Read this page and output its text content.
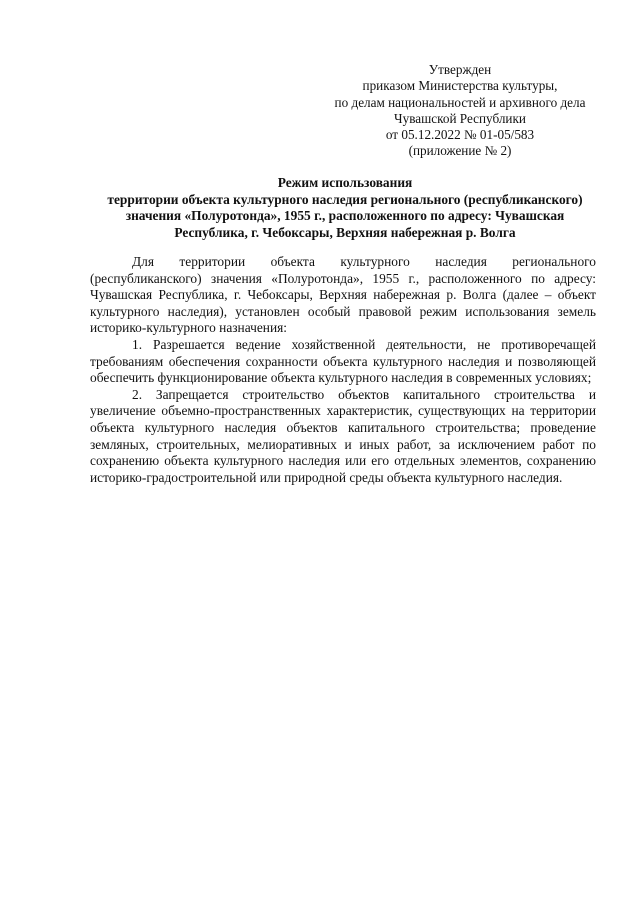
Утвержден
приказом Министерства культуры,
по делам национальностей и архивного дела
Чувашской Республики
от 05.12.2022 № 01-05/583
(приложение № 2)
Режим использования
территории объекта культурного наследия регионального (республиканского)
значения «Полуротонда», 1955 г., расположенного по адресу: Чувашская
Республика, г. Чебоксары, Верхняя набережная р. Волга

Для территории объекта культурного наследия регионального (республиканского) значения «Полуротонда», 1955 г., расположенного по адресу: Чувашская Республика, г. Чебоксары, Верхняя набережная р. Волга (далее – объект культурного наследия), установлен особый правовой режим использования земель историко-культурного назначения:

1. Разрешается ведение хозяйственной деятельности, не противоречащей требованиям обеспечения сохранности объекта культурного наследия и позволяющей обеспечить функционирование объекта культурного наследия в современных условиях;

2. Запрещается строительство объектов капитального строительства и увеличение объемно-пространственных характеристик, существующих на территории объекта культурного наследия объектов капитального строительства; проведение земляных, строительных, мелиоративных и иных работ, за исключением работ по сохранению объекта культурного наследия или его отдельных элементов, сохранению историко-градостроительной или природной среды объекта культурного наследия.
